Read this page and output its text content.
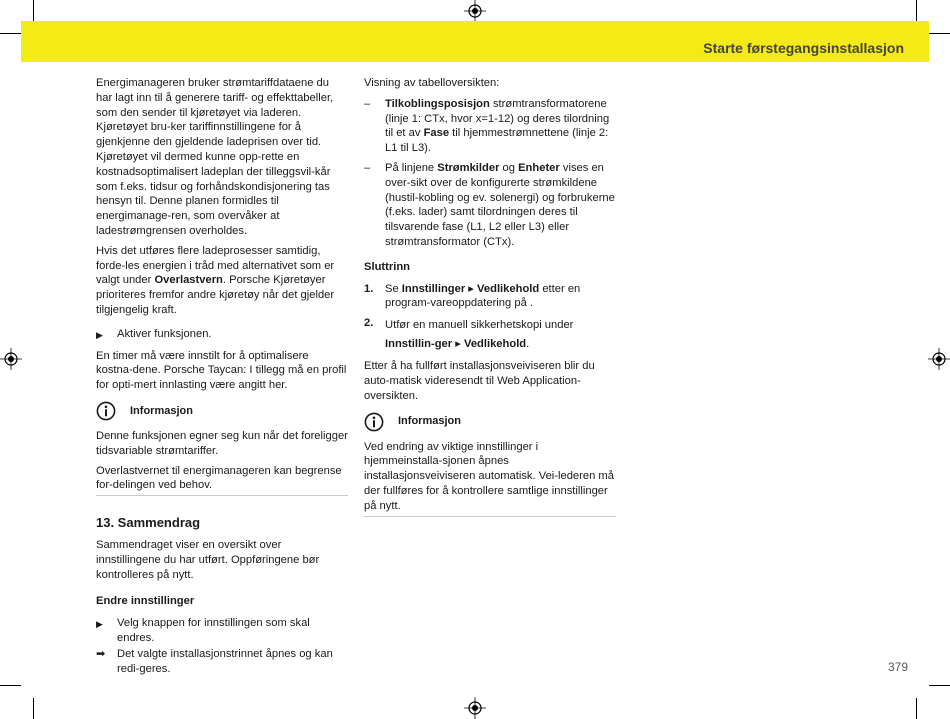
Starte førstegangsinstallasjon

Energimanageren bruker strømtariffdataene du har lagt inn til å generere tariff- og effekttabeller, som den sender til kjøretøyet via laderen. Kjøretøyet bru-ker tariffinnstillingene for å gjenkjenne den gjeldende ladeprisen over tid. Kjøretøyet vil dermed kunne opp-rette en kostnadsoptimalisert ladeplan der tilleggsvil-kår som f.eks. tidsur og forhåndskondisjonering tas hensyn til. Denne planen formidles til energimanage-ren, som overvåker at ladestrømgrensen overholdes.

Hvis det utføres flere ladeprosesser samtidig, forde-les energien i tråd med alternativet som er valgt under Overlastvern. Porsche Kjøretøyer prioriteres fremfor andre kjøretøy når det gjelder tilgjengelig kraft.

▶	Aktiver funksjonen.

En timer må være innstilt for å optimalisere kostna-dene. Porsche Taycan: I tillegg må en profil for opti-mert innlasting være angitt her.

Informasjon

Denne funksjonen egner seg kun når det foreligger tidsvariable strømtariffer.

Overlastvernet til energimanageren kan begrense for-delingen ved behov.

13. Sammendrag

Sammendraget viser en oversikt over innstillingene du har utført. Oppføringene bør kontrolleres på nytt.

Endre innstillinger
▶	Velg knappen for innstillingen som skal endres.
➡	Det valgte installasjonstrinnet åpnes og kan redi-geres.

Visning av tabelloversikten:

–	Tilkoblingsposisjon strømtransformatorene (linje 1: CTx, hvor x=1-12) og deres tilordning til et av Fase til hjemmestrømnettene (linje 2: L1 til L3).
–	På linjene Strømkilder og Enheter vises en over-sikt over de konfigurerte strømkildene (hustil-kobling og ev. solenergi) og forbrukerne (f.eks. lader) samt tilordningen deres til tilsvarende fase (L1, L2 eller L3) eller strømtransformator (CTx).
Sluttrinn
1.	Se Innstillinger ▸ Vedlikehold etter en program-vareoppdatering på .
2.	Utfør en manuell sikkerhetskopi under Innstillin-ger ▸ Vedlikehold.

Etter å ha fullført installasjonsveiviseren blir du auto-matisk videresendt til Web Application-oversikten.

Informasjon

Ved endring av viktige innstillinger i hjemmeinstalla-sjonen åpnes installasjonsveiviseren automatisk. Vei-lederen må der fullføres for å kontrollere samtlige innstillinger på nytt.

379
